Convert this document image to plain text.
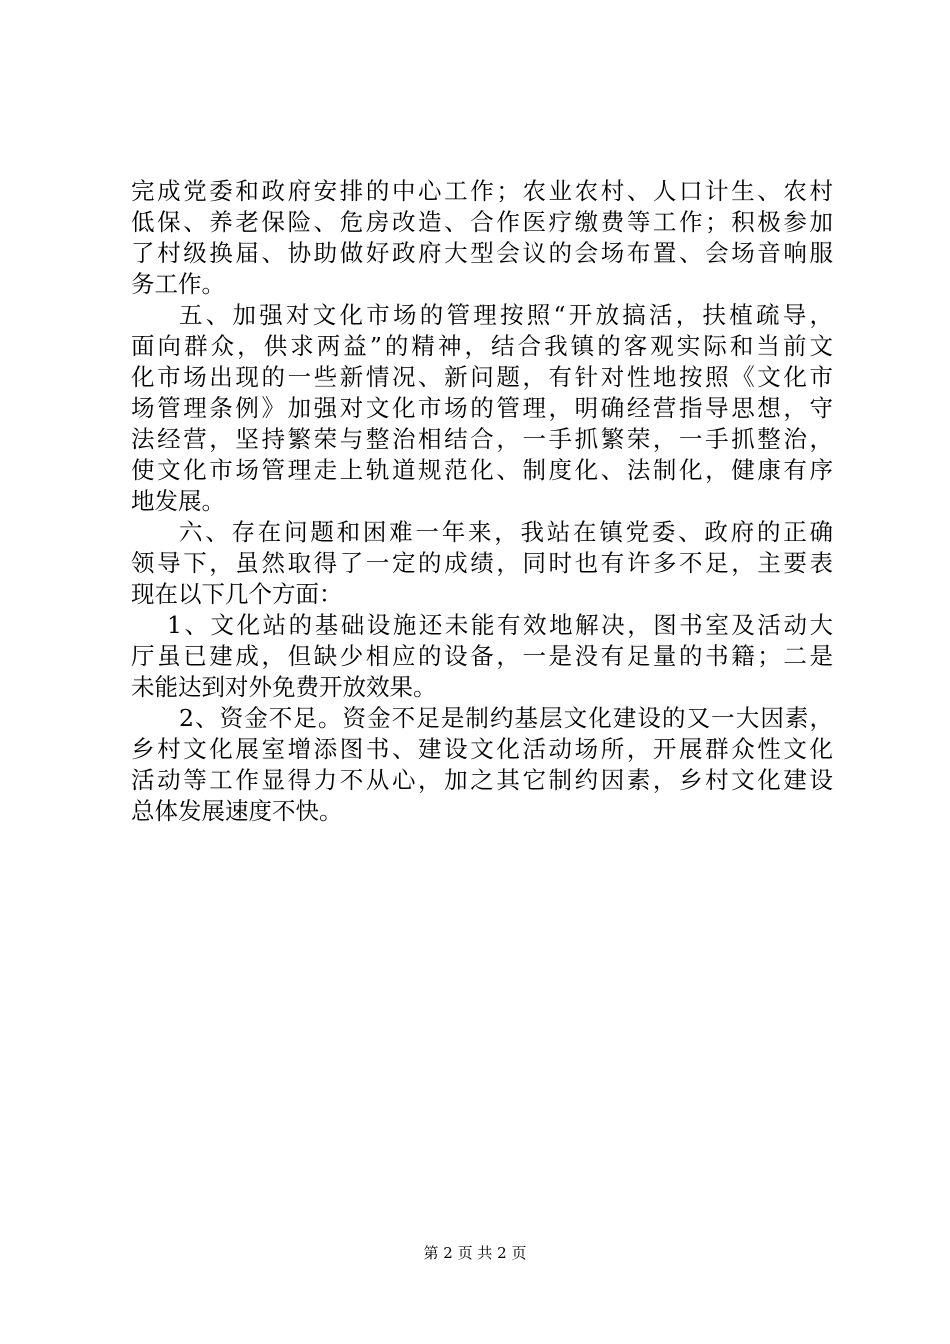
完成党委和政府安排的中心工作；农业农村、人口计生、农村
低保、养老保险、危房改造、合作医疗缴费等工作；积极参加
了村级换届、协助做好政府大型会议的会场布置、会场音响服
务工作。
五、加强对文化市场的管理按照“开放搞活，扶植疏导，
面向群众，供求两益”的精神，结合我镇的客观实际和当前文
化市场出现的一些新情况、新问题，有针对性地按照《文化市
场管理条例》加强对文化市场的管理，明确经营指导思想，守
法经营，坚持繁荣与整治相结合，一手抓繁荣，一手抓整治，
使文化市场管理走上轨道规范化、制度化、法制化，健康有序
地发展。
六、存在问题和困难一年来，我站在镇党委、政府的正确
领导下，虽然取得了一定的成绩，同时也有许多不足，主要表
现在以下几个方面：
1、文化站的基础设施还未能有效地解决，图书室及活动大
厅虽已建成，但缺少相应的设备，一是没有足量的书籍；二是
未能达到对外免费开放效果。
2、资金不足。资金不足是制约基层文化建设的又一大因素，
乡村文化展室增添图书、建设文化活动场所，开展群众性文化
活动等工作显得力不从心，加之其它制约因素，乡村文化建设
总体发展速度不快。
第 2 页 共 2 页
